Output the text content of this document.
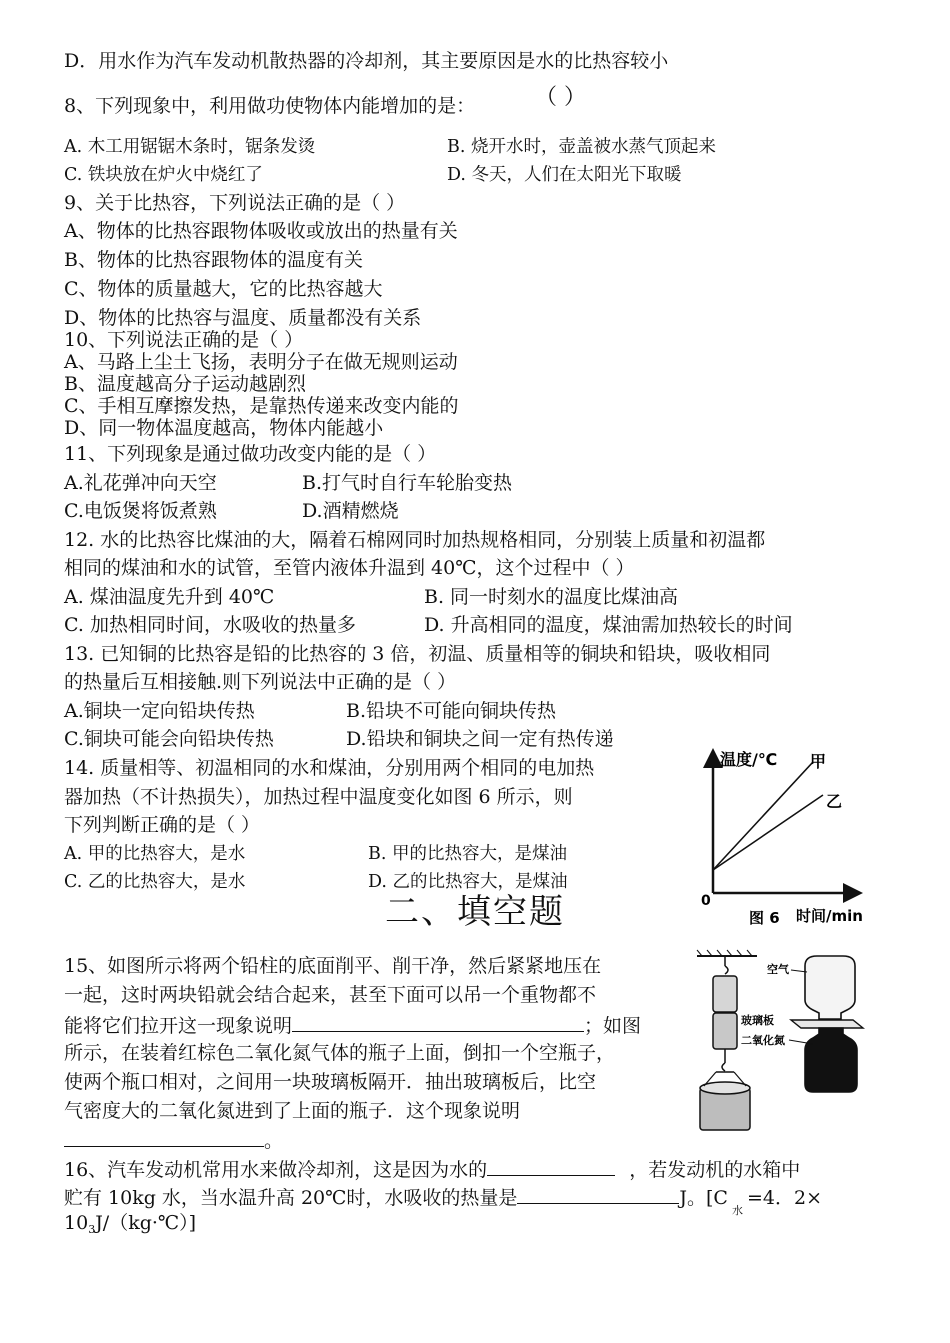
D．用水作为汽车发动机散热器的冷却剂，其主要原因是水的比热容较小
8、下列现象中，利用做功使物体内能增加的是：	（ ）
A. 木工用锯锯木条时，锯条发烫	B. 烧开水时，壶盖被水蒸气顶起来
C. 铁块放在炉火中烧红了	D. 冬天，人们在太阳光下取暖
9、关于比热容，下列说法正确的是（ ）
A、物体的比热容跟物体吸收或放出的热量有关
B、物体的比热容跟物体的温度有关
C、物体的质量越大，它的比热容越大
D、物体的比热容与温度、质量都没有关系
10、下列说法正确的是（ ）
A、马路上尘土飞扬，表明分子在做无规则运动
B、温度越高分子运动越剧烈
C、手相互摩擦发热，是靠热传递来改变内能的
D、同一物体温度越高，物体内能越小
11、下列现象是通过做功改变内能的是（ ）
A.礼花弹冲向天空	B.打气时自行车轮胎变热
C.电饭煲将饭煮熟	D.酒精燃烧
12. 水的比热容比煤油的大，隔着石棉网同时加热规格相同，分别装上质量和初温都
相同的煤油和水的试管，至管内液体升温到 40℃，这个过程中（ ）
A. 煤油温度先升到 40℃	B. 同一时刻水的温度比煤油高
C. 加热相同时间，水吸收的热量多	D. 升高相同的温度，煤油需加热较长的时间
13. 已知铜的比热容是铅的比热容的 3 倍，初温、质量相等的铜块和铅块，吸收相同
的热量后互相接触.则下列说法中正确的是（ ）
A.铜块一定向铅块传热	B.铅块不可能向铜块传热
C.铜块可能会向铅块传热	D.铅块和铜块之间一定有热传递
14. 质量相等、初温相同的水和煤油，分别用两个相同的电加热
器加热（不计热损失），加热过程中温度变化如图 6 所示，则
下列判断正确的是（ ）
A. 甲的比热容大，是水	B. 甲的比热容大，是煤油
C. 乙的比热容大，是水	D. 乙的比热容大，是煤油
温度/℃ 甲
乙
0
图 6 时间/min
二、填空题
15、如图所示将两个铅柱的底面削平、削干净，然后紧紧地压在
一起，这时两块铅就会结合起来，甚至下面可以吊一个重物都不
能将它们拉开这一现象说明	；如图
所示，在装着红棕色二氧化氮气体的瓶子上面，倒扣一个空瓶子，
使两个瓶口相对，之间用一块玻璃板隔开．抽出玻璃板后，比空
气密度大的二氧化氮进到了上面的瓶子．这个现象说明
。
空气
玻璃板
二氧化氮
16、汽车发动机常用水来做冷却剂，这是因为水的	，若发动机的水箱中
贮有 10kg 水，当水温升高 20℃时，水吸收的热量是	J。[$C_水=4$．2×
$10_3J/(kg\cdot℃)$]
